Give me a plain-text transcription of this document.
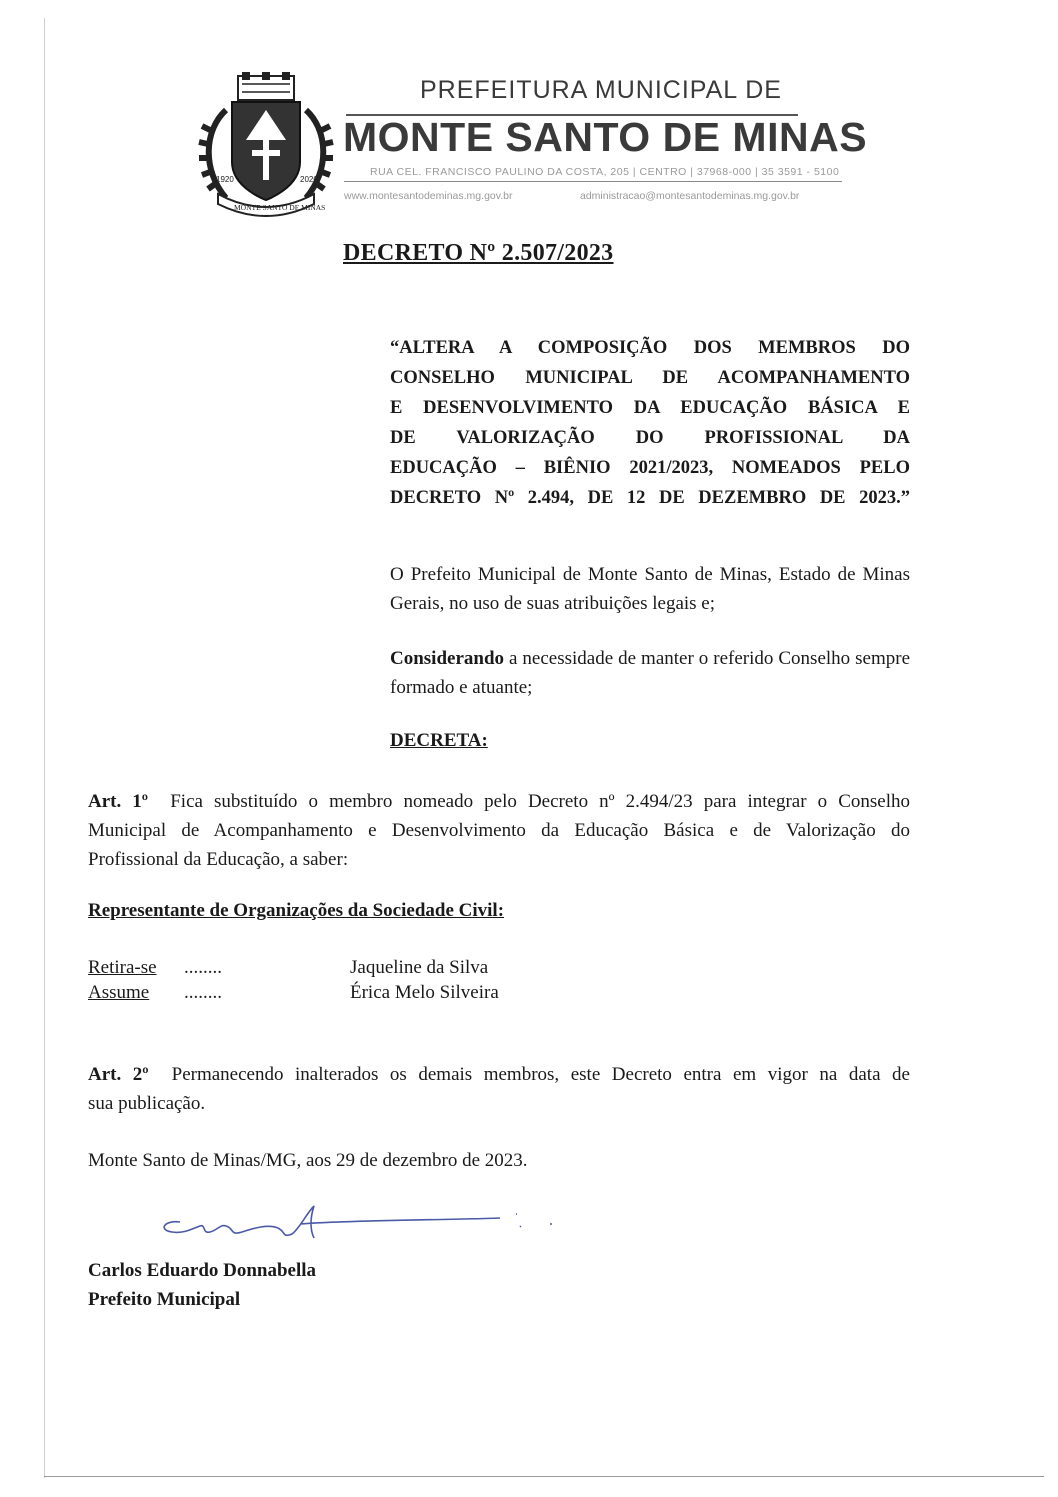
1920	2020
MONTE SANTO DE MINAS
PREFEITURA MUNICIPAL DE
MONTE SANTO DE MINAS
RUA CEL. FRANCISCO PAULINO DA COSTA, 205 | CENTRO | 37968-000 | 35 3591 - 5100
www.montesantodeminas.mg.gov.br	administracao@montesantodeminas.mg.gov.br
DECRETO Nº 2.507/2023
“ALTERA A COMPOSIÇÃO DOS MEMBROS DO
CONSELHO MUNICIPAL DE ACOMPANHAMENTO
E DESENVOLVIMENTO DA EDUCAÇÃO BÁSICA E
DE VALORIZAÇÃO DO PROFISSIONAL DA
EDUCAÇÃO – BIÊNIO 2021/2023, NOMEADOS PELO
DECRETO Nº 2.494, DE 12 DE DEZEMBRO DE 2023.”
O Prefeito Municipal de Monte Santo de Minas, Estado de Minas Gerais, no uso de suas atribuições legais e;
Considerando a necessidade de manter o referido Conselho sempre formado e atuante;
DECRETA:
Art. 1º Fica substituído o membro nomeado pelo Decreto nº 2.494/23 para integrar o Conselho
Municipal de Acompanhamento e Desenvolvimento da Educação Básica e de Valorização do
Profissional da Educação, a saber:
Representante de Organizações da Sociedade Civil:
Retira-se ........	Jaqueline da Silva
Assume ........	Érica Melo Silveira
Art. 2º Permanecendo inalterados os demais membros, este Decreto entra em vigor na data de
sua publicação.
Monte Santo de Minas/MG, aos 29 de dezembro de 2023.
Carlos Eduardo Donnabella
Prefeito Municipal
